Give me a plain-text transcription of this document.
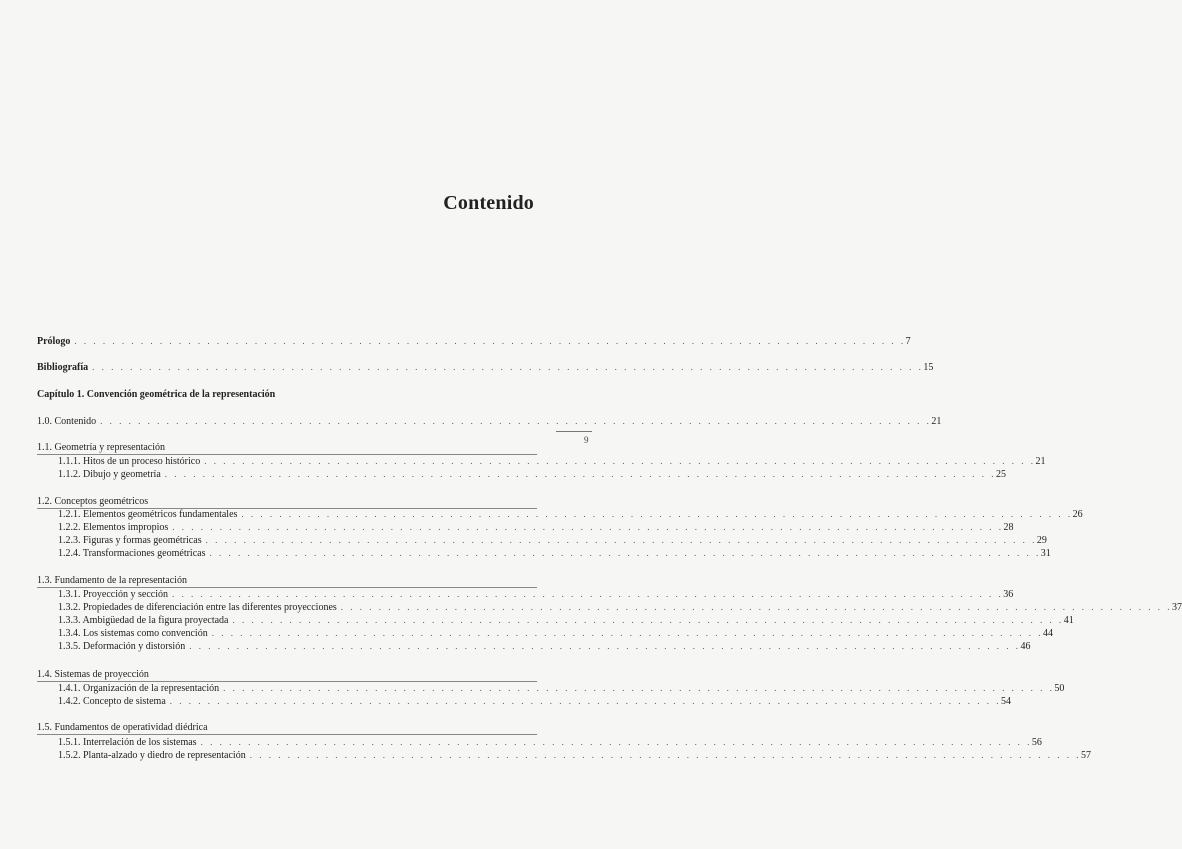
Contenido
9
Prólogo . . . . . . . . . . . . . . . . . . . . . . . . . . . . . . . . . . . . . . . . . . . . . . . . . . . . . . . . . . . . . . . . . . . . . . . . . . . . . . . . . . . . . . . . 7
Bibliografía . . . . . . . . . . . . . . . . . . . . . . . . . . . . . . . . . . . . . . . . . . . . . . . . . . . . . . . . . . . . . . . . . . . . . . . . . . . . . . . . . . . . . . . . 15
Capítulo 1. Convención geométrica de la representación
1.0. Contenido . . . . . . . . . . . . . . . . . . . . . . . . . . . . . . . . . . . . . . . . . . . . . . . . . . . . . . . . . . . . . . . . . . . . . . . . . . . . . . . . . . . . . . . . 21
1.1. Geometría y representación
1.1.1. Hitos de un proceso histórico . . . . . . . . . . . . . . . . . . . . . . . . . . . . . . . . . . . . . . . . . . . . . . . . . . . . . . . . . . . . . . . . . . . . . . . . . . . . . . . . . . . . . . . . 21
1.1.2. Dibujo y geometría . . . . . . . . . . . . . . . . . . . . . . . . . . . . . . . . . . . . . . . . . . . . . . . . . . . . . . . . . . . . . . . . . . . . . . . . . . . . . . . . . . . . . . . . 25
1.2. Conceptos geométricos
1.2.1. Elementos geométricos fundamentales . . . . . . . . . . . . . . . . . . . . . . . . . . . . . . . . . . . . . . . . . . . . . . . . . . . . . . . . . . . . . . . . . . . . . . . . . . . . . . . . . . . . . . . . 26
1.2.2. Elementos impropios . . . . . . . . . . . . . . . . . . . . . . . . . . . . . . . . . . . . . . . . . . . . . . . . . . . . . . . . . . . . . . . . . . . . . . . . . . . . . . . . . . . . . . . . 28
1.2.3. Figuras y formas geométricas . . . . . . . . . . . . . . . . . . . . . . . . . . . . . . . . . . . . . . . . . . . . . . . . . . . . . . . . . . . . . . . . . . . . . . . . . . . . . . . . . . . . . . . . 29
1.2.4. Transformaciones geométricas . . . . . . . . . . . . . . . . . . . . . . . . . . . . . . . . . . . . . . . . . . . . . . . . . . . . . . . . . . . . . . . . . . . . . . . . . . . . . . . . . . . . . . . . 31
1.3. Fundamento de la representación
1.3.1. Proyección y sección . . . . . . . . . . . . . . . . . . . . . . . . . . . . . . . . . . . . . . . . . . . . . . . . . . . . . . . . . . . . . . . . . . . . . . . . . . . . . . . . . . . . . . . . 36
1.3.2. Propiedades de diferenciación entre las diferentes proyecciones . . . . . . . . . . . . . . . . . . . . . . . . . . . . . . . . . . . . . . . . . . . . . . . . . . . . . . . . . . . . . . . . . . . . . . . . . . . . . . . . . . . . . . . . 37
1.3.3. Ambigüedad de la figura proyectada . . . . . . . . . . . . . . . . . . . . . . . . . . . . . . . . . . . . . . . . . . . . . . . . . . . . . . . . . . . . . . . . . . . . . . . . . . . . . . . . . . . . . . . . 41
1.3.4. Los sistemas como convención . . . . . . . . . . . . . . . . . . . . . . . . . . . . . . . . . . . . . . . . . . . . . . . . . . . . . . . . . . . . . . . . . . . . . . . . . . . . . . . . . . . . . . . . 44
1.3.5. Deformación y distorsión . . . . . . . . . . . . . . . . . . . . . . . . . . . . . . . . . . . . . . . . . . . . . . . . . . . . . . . . . . . . . . . . . . . . . . . . . . . . . . . . . . . . . . . . 46
1.4. Sistemas de proyección
1.4.1. Organización de la representación . . . . . . . . . . . . . . . . . . . . . . . . . . . . . . . . . . . . . . . . . . . . . . . . . . . . . . . . . . . . . . . . . . . . . . . . . . . . . . . . . . . . . . . . 50
1.4.2. Concepto de sistema . . . . . . . . . . . . . . . . . . . . . . . . . . . . . . . . . . . . . . . . . . . . . . . . . . . . . . . . . . . . . . . . . . . . . . . . . . . . . . . . . . . . . . . . 54
1.5. Fundamentos de operatividad diédrica
1.5.1. Interrelación de los sistemas . . . . . . . . . . . . . . . . . . . . . . . . . . . . . . . . . . . . . . . . . . . . . . . . . . . . . . . . . . . . . . . . . . . . . . . . . . . . . . . . . . . . . . . . 56
1.5.2. Planta-alzado y diedro de representación . . . . . . . . . . . . . . . . . . . . . . . . . . . . . . . . . . . . . . . . . . . . . . . . . . . . . . . . . . . . . . . . . . . . . . . . . . . . . . . . . . . . . . . . 57
